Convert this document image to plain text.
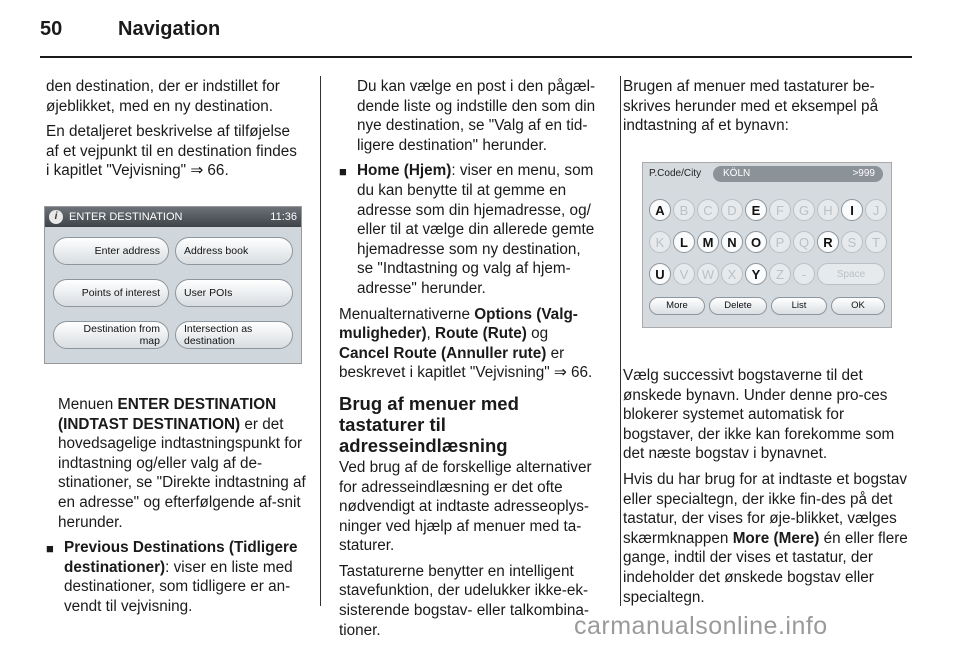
50	Navigation

den destination, der er indstillet for
øjeblikket, med en ny destination.

En detaljeret beskrivelse af tilføjelse
af et vejpunkt til en destination findes
i kapitlet "Vejvisning" ⇒ 66.

i	ENTER DESTINATION	11:36
Enter address	Address book
Points of interest	User POIs
Destination from map
Intersection as destination

Menuen ENTER DESTINATION (INDTAST DESTINATION) er det hovedsagelige indtastningspunkt for indtastning og/eller valg af de-stinationer, se "Direkte indtastning af en adresse" og efterfølgende af-snit herunder.

■ Previous Destinations (Tidligere destinationer): viser en liste med destinationer, som tidligere er an-vendt til vejvisning.

Du kan vælge en post i den pågæl-dende liste og indstille den som din nye destination, se "Valg af en tid-ligere destination" herunder.

■ Home (Hjem): viser en menu, som du kan benytte til at gemme en adresse som din hjemadresse, og/ eller til at vælge din allerede gemte hjemadresse som ny destination, se "Indtastning og valg af hjem-adresse" herunder.

Menualternativerne Options (Valg-muligheder), Route (Rute) og Cancel Route (Annuller rute) er beskrevet i kapitlet "Vejvisning" ⇒ 66.

Brug af menuer med tastaturer til adresseindlæsning

Ved brug af de forskellige alternativer for adresseindlæsning er det ofte nødvendigt at indtaste adresseoplys-ninger ved hjælp af menuer med ta-staturer.

Tastaturerne benytter en intelligent stavefunktion, der udelukker ikke-ek-sisterende bogstav- eller talkombina-tioner.

Brugen af menuer med tastaturer be-skrives herunder med et eksempel på indtastning af et bynavn:

P.Code/City KÖLN	>999
A	B	C	D	E	F	G	H	I	J
K	L	M	N	O	P	Q	R	S	T
U	V	W	X	Y	Z	-	Space
More	Delete	List	OK

Vælg successivt bogstaverne til det ønskede bynavn. Under denne pro-ces blokerer systemet automatisk for bogstaver, der ikke kan forekomme som det næste bogstav i bynavnet.

Hvis du har brug for at indtaste et bogstav eller specialtegn, der ikke fin-des på det tastatur, der vises for øje-blikket, vælges skærmknappen More (Mere) én eller flere gange, indtil der vises et tastatur, der indeholder det ønskede bogstav eller specialtegn.

carmanualsonline.info
